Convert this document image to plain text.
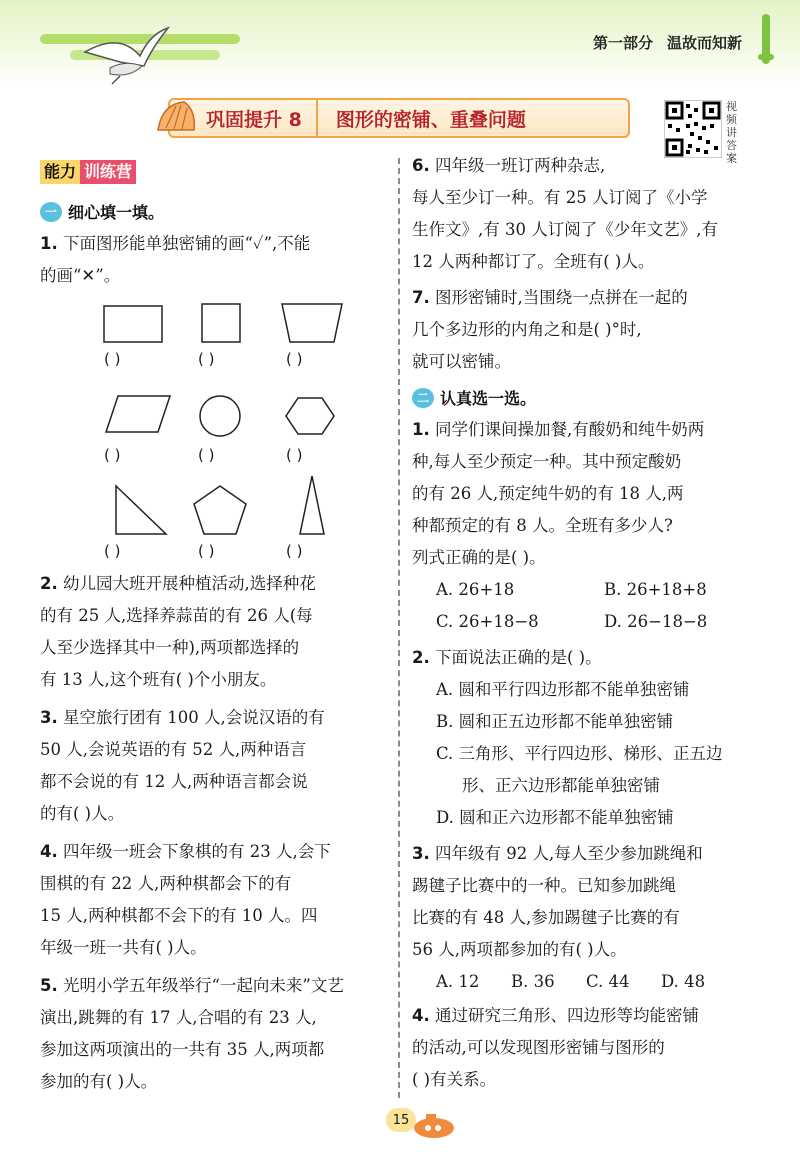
第一部分 温故而知新
巩固提升 8	图形的密铺、重叠问题
视频讲答案
能力 训练营
一 细心填一填。

1. 下面图形能单独密铺的画“✓”,不能

的画“✕”。

( )	( )	( )
( )	( )	( )
( )	( )	( )

2. 幼儿园大班开展种植活动,选择种花

的有 25 人,选择养蒜苗的有 26 人(每

人至少选择其中一种),两项都选择的

有 13 人,这个班有( )个小朋友。

3. 星空旅行团有 100 人,会说汉语的有

50 人,会说英语的有 52 人,两种语言

都不会说的有 12 人,两种语言都会说

的有( )人。

4. 四年级一班会下象棋的有 23 人,会下

围棋的有 22 人,两种棋都会下的有

15 人,两种棋都不会下的有 10 人。四

年级一班一共有( )人。

5. 光明小学五年级举行“一起向未来”文艺

演出,跳舞的有 17 人,合唱的有 23 人,

参加这两项演出的一共有 35 人,两项都

参加的有( )人。

6. 四年级一班订两种杂志,

每人至少订一种。有 25 人订阅了《小学

生作文》,有 30 人订阅了《少年文艺》,有

12 人两种都订了。全班有( )人。

7. 图形密铺时,当围绕一点拼在一起的

几个多边形的内角之和是( )°时,

就可以密铺。

二 认真选一选。

1. 同学们课间操加餐,有酸奶和纯牛奶两

种,每人至少预定一种。其中预定酸奶

的有 26 人,预定纯牛奶的有 18 人,两

种都预定的有 8 人。全班有多少人?

列式正确的是( )。

A. 26+18	B. 26+18+8
C. 26+18−8	D. 26−18−8

2. 下面说法正确的是( )。

A. 圆和平行四边形都不能单独密铺

B. 圆和正五边形都不能单独密铺

C. 三角形、平行四边形、梯形、正五边

形、正六边形都能单独密铺

D. 圆和正六边形都不能单独密铺

3. 四年级有 92 人,每人至少参加跳绳和

踢毽子比赛中的一种。已知参加跳绳

比赛的有 48 人,参加踢毽子比赛的有

56 人,两项都参加的有( )人。

A. 12	B. 36	C. 44	D. 48

4. 通过研究三角形、四边形等均能密铺

的活动,可以发现图形密铺与图形的

( )有关系。

15
